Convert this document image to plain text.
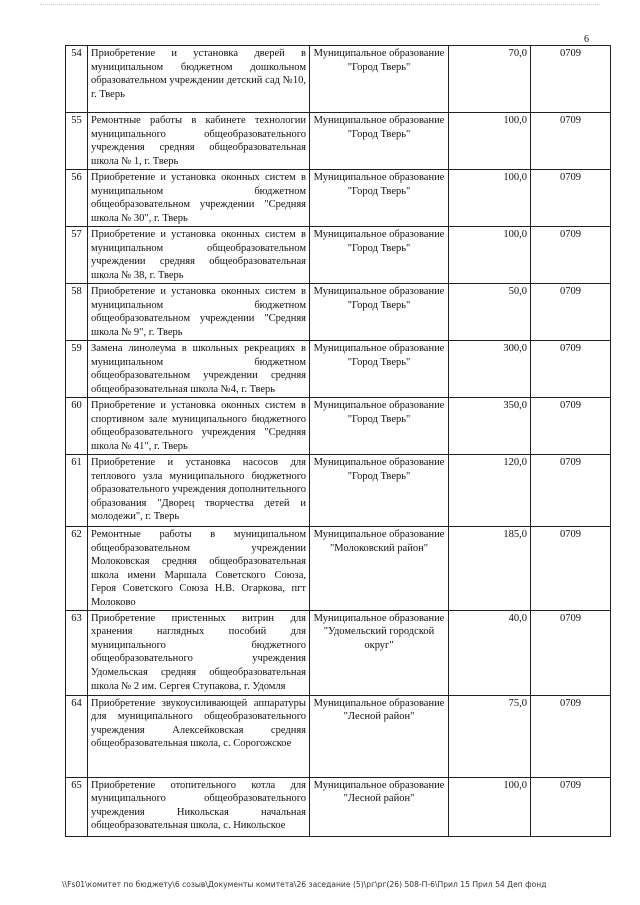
6
54	Приобретение и установка дверей в муниципальном бюджетном дошкольном образовательном учреждении детский сад №10, г. Тверь	Муниципальное образование "Город Тверь"	70,0	0709
55	Ремонтные работы в кабинете технологии муниципального общеобразовательного учреждения средняя общеобразовательная школа № 1, г. Тверь	Муниципальное образование "Город Тверь"	100,0	0709
56	Приобретение и установка оконных систем в муниципальном бюджетном общеобразовательном учреждении "Средняя школа № 30", г. Тверь	Муниципальное образование "Город Тверь"	100,0	0709
57	Приобретение и установка оконных систем в муниципальном общеобразовательном учреждении средняя общеобразовательная школа № 38, г. Тверь	Муниципальное образование "Город Тверь"	100,0	0709
58	Приобретение и установка оконных систем в муниципальном бюджетном общеобразовательном учреждении "Средняя школа № 9", г. Тверь	Муниципальное образование "Город Тверь"	50,0	0709
59	Замена линолеума в школьных рекреациях в муниципальном бюджетном общеобразовательном учреждении средняя общеобразовательная школа №4, г. Тверь	Муниципальное образование "Город Тверь"	300,0	0709
60	Приобретение и установка оконных систем в спортивном зале муниципального бюджетного общеобразовательного учреждения "Средняя школа № 41", г. Тверь	Муниципальное образование "Город Тверь"	350,0	0709
61	Приобретение и установка насосов для теплового узла муниципального бюджетного образовательного учреждения дополнительного образования "Дворец творчества детей и молодежи", г. Тверь	Муниципальное образование "Город Тверь"	120,0	0709
62	Ремонтные работы в муниципальном общеобразовательном учреждении Молоковская средняя общеобразовательная школа имени Маршала Советского Союза, Героя Советского Союза Н.В. Огаркова, пгт Молоково	Муниципальное образование "Молоковский район"	185,0	0709
63	Приобретение пристенных витрин для хранения наглядных пособий для муниципального бюджетного общеобразовательного учреждения Удомельская средняя общеобразовательная школа № 2 им. Сергея Ступакова, г. Удомля	Муниципальное образование "Удомельский городской округ"	40,0	0709
64	Приобретение звукоусиливающей аппаратуры для муниципального общеобразовательного учреждения Алексейковская средняя общеобразовательная школа, с. Сорогожское	Муниципальное образование "Лесной район"	75,0	0709
65	Приобретение отопительного котла для муниципального общеобразовательного учреждения Никольская начальная общеобразовательная школа, с. Никольское	Муниципальное образование "Лесной район"	100,0	0709
\\Fs01\комитет по бюджету\6 созыв\Документы комитета\26 заседание (5)\рг\рг(26) 508-П-6\Прил 15 Прил 54 Деп фонд
